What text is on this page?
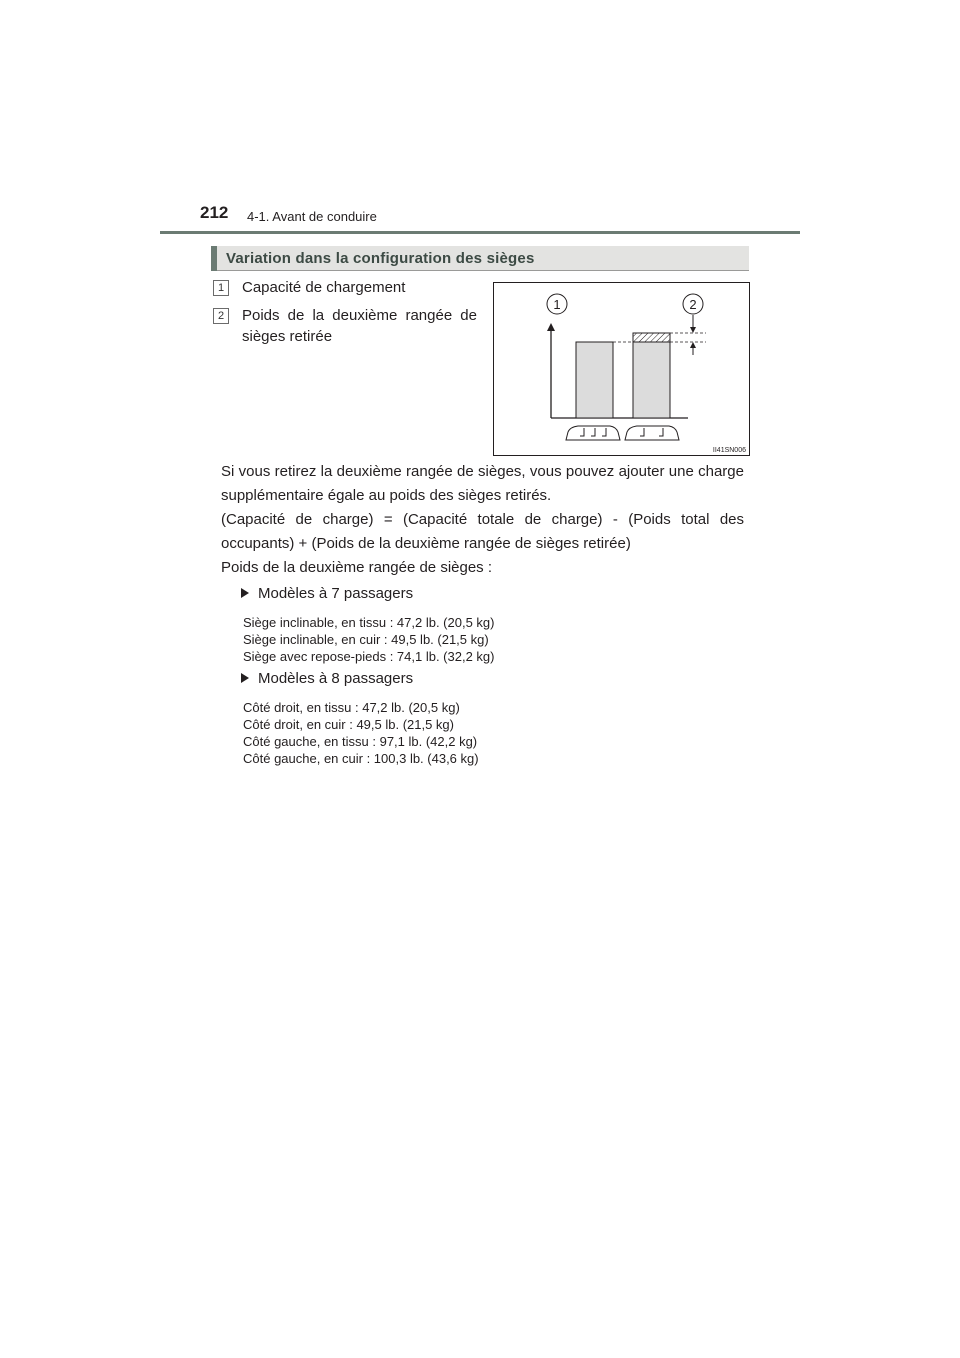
212 4-1. Avant de conduire
Variation dans la configuration des sièges
1	Capacité de chargement
2	Poids de la deuxième rangée de sièges retirée
1	2
II41SN006
Si vous retirez la deuxième rangée de sièges, vous pouvez ajouter une charge supplémentaire égale au poids des sièges retirés.
(Capacité de charge) = (Capacité totale de charge) - (Poids total des occupants) + (Poids de la deuxième rangée de sièges retirée)
Poids de la deuxième rangée de sièges :
Modèles à 7 passagers
Siège inclinable, en tissu : 47,2 lb. (20,5 kg)
Siège inclinable, en cuir : 49,5 lb. (21,5 kg)
Siège avec repose-pieds : 74,1 lb. (32,2 kg)
Modèles à 8 passagers
Côté droit, en tissu : 47,2 lb. (20,5 kg)
Côté droit, en cuir : 49,5 lb. (21,5 kg)
Côté gauche, en tissu : 97,1 lb. (42,2 kg)
Côté gauche, en cuir : 100,3 lb. (43,6 kg)
